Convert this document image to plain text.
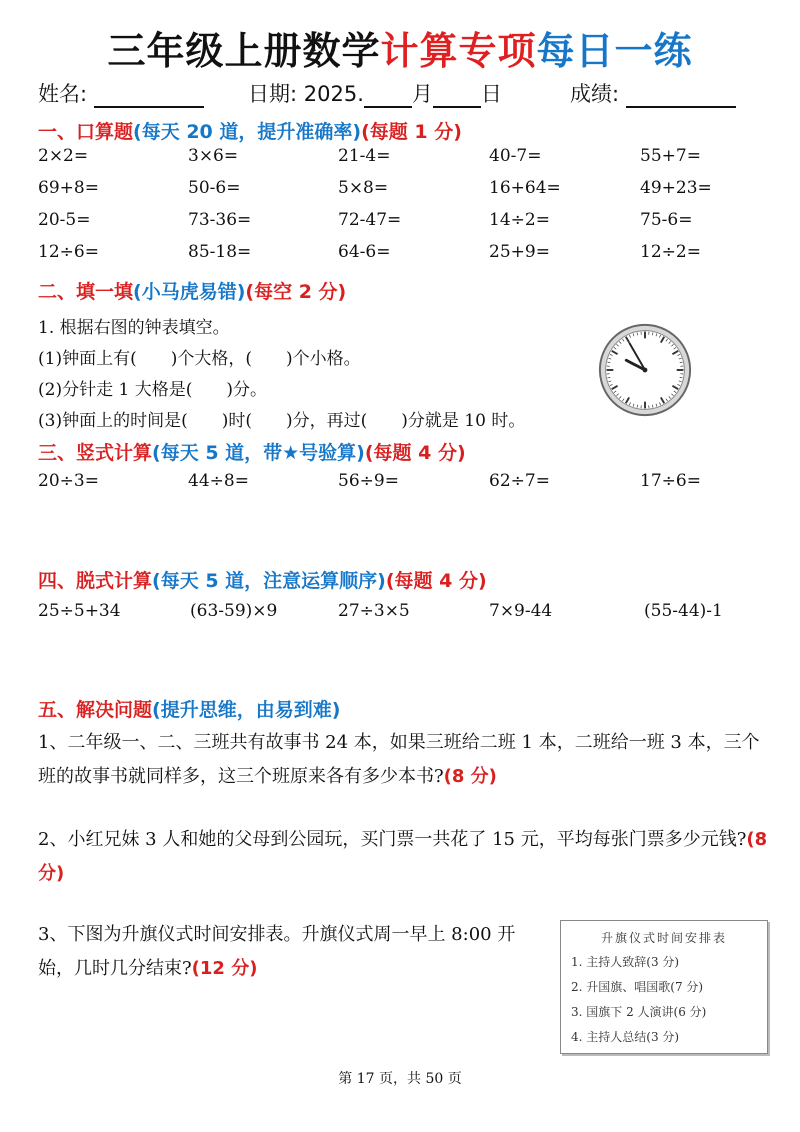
三年级上册数学计算专项每日一练
姓名:	日期: 2025. 月 日	成绩:
一、口算题(每天 20 道，提升准确率)(每题 1 分)
2×2=	3×6=	21-4=	40-7=	55+7=
69+8=	50-6=	5×8=	16+64=	49+23=
20-5=	73-36=	72-47=	14÷2=	75-6=
12÷6=	85-18=	64-6=	25+9=	12÷2=
二、填一填(小马虎易错)(每空 2 分)
1. 根据右图的钟表填空。
(1)钟面上有(　　)个大格，(　　)个小格。
(2)分针走 1 大格是(　　)分。
(3)钟面上的时间是(　　)时(　　)分，再过(　　)分就是 10 时。
三、竖式计算(每天 5 道，带★号验算)(每题 4 分)
20÷3=	44÷8=	56÷9=	62÷7=	17÷6=
四、脱式计算(每天 5 道，注意运算顺序)(每题 4 分)
25÷5+34	(63-59)×9	27÷3×5	7×9-44	(55-44)-1
五、解决问题(提升思维，由易到难)
1、二年级一、二、三班共有故事书 24 本，如果三班给二班 1 本，二班给一班 3 本，三个班的故事书就同样多，这三个班原来各有多少本书?(8 分)
2、小红兄妹 3 人和她的父母到公园玩，买门票一共花了 15 元，平均每张门票多少元钱?(8 分)
3、下图为升旗仪式时间安排表。升旗仪式周一早上 8:00 开始，几时几分结束?(12 分)
升旗仪式时间安排表
1. 主持人致辞(3 分)
2. 升国旗、唱国歌(7 分)
3. 国旗下 2 人演讲(6 分)
4. 主持人总结(3 分)
第 17 页，共 50 页
